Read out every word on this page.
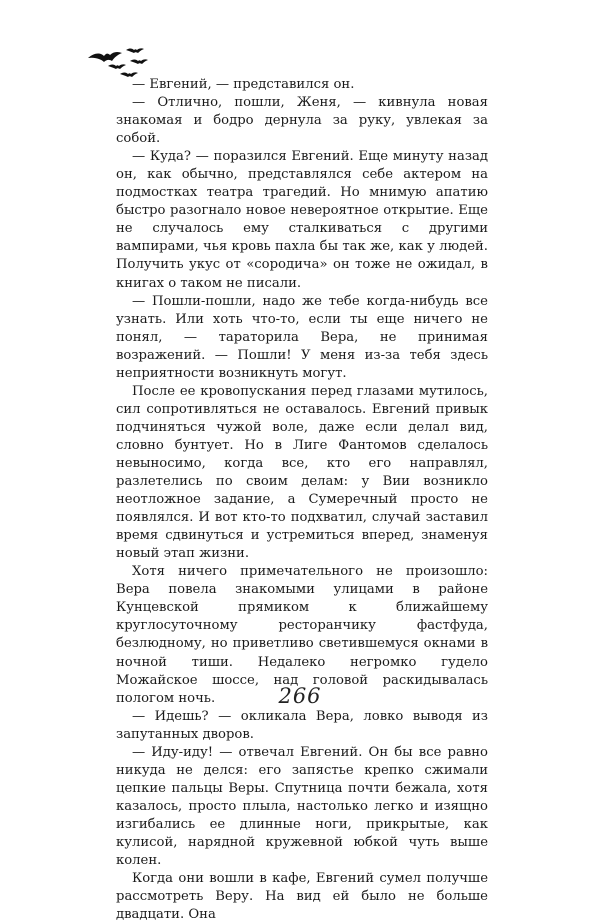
— Евгений, — представился он.

— Отлично, пошли, Женя, — кивнула новая знакомая и бодро дернула за руку, увлекая за собой.

— Куда? — поразился Евгений. Еще минуту назад он, как обычно, представлялся себе актером на подмостках театра трагедий. Но мнимую апатию быстро разогнало новое невероятное открытие. Еще не случалось ему сталкиваться с другими вампирами, чья кровь пахла бы так же, как у людей. Получить укус от «сородича» он тоже не ожидал, в книгах о таком не писали.

— Пошли-пошли, надо же тебе когда-нибудь все узнать. Или хоть что-то, если ты еще ничего не понял, — тараторила Вера, не принимая возражений. — Пошли! У меня из-за тебя здесь неприятности возникнуть могут.

После ее кровопускания перед глазами мутилось, сил сопротивляться не оставалось. Евгений привык подчиняться чужой воле, даже если делал вид, словно бунтует. Но в Лиге Фантомов сделалось невыносимо, когда все, кто его направлял, разлетелись по своим делам: у Вии возникло неотложное задание, а Сумеречный просто не появлялся. И вот кто-то подхватил, случай заставил время сдвинуться и устремиться вперед, знаменуя новый этап жизни.

Хотя ничего примечательного не произошло: Вера повела знакомыми улицами в районе Кунцевской прямиком к ближайшему круглосуточному ресторанчику фастфуда, безлюдному, но приветливо светившемуся окнами в ночной тиши. Недалеко негромко гудело Можайское шоссе, над головой раскидывалась пологом ночь.

— Идешь? — окликала Вера, ловко выводя из запутанных дворов.

— Иду-иду! — отвечал Евгений. Он бы все равно никуда не делся: его запястье крепко сжимали цепкие пальцы Веры. Спутница почти бежала, хотя казалось, просто плыла, настолько легко и изящно изгибались ее длинные ноги, прикрытые, как кулисой, нарядной кружевной юбкой чуть выше колен.

Когда они вошли в кафе, Евгений сумел получше рассмотреть Веру. На вид ей было не больше двадцати. Она

266
